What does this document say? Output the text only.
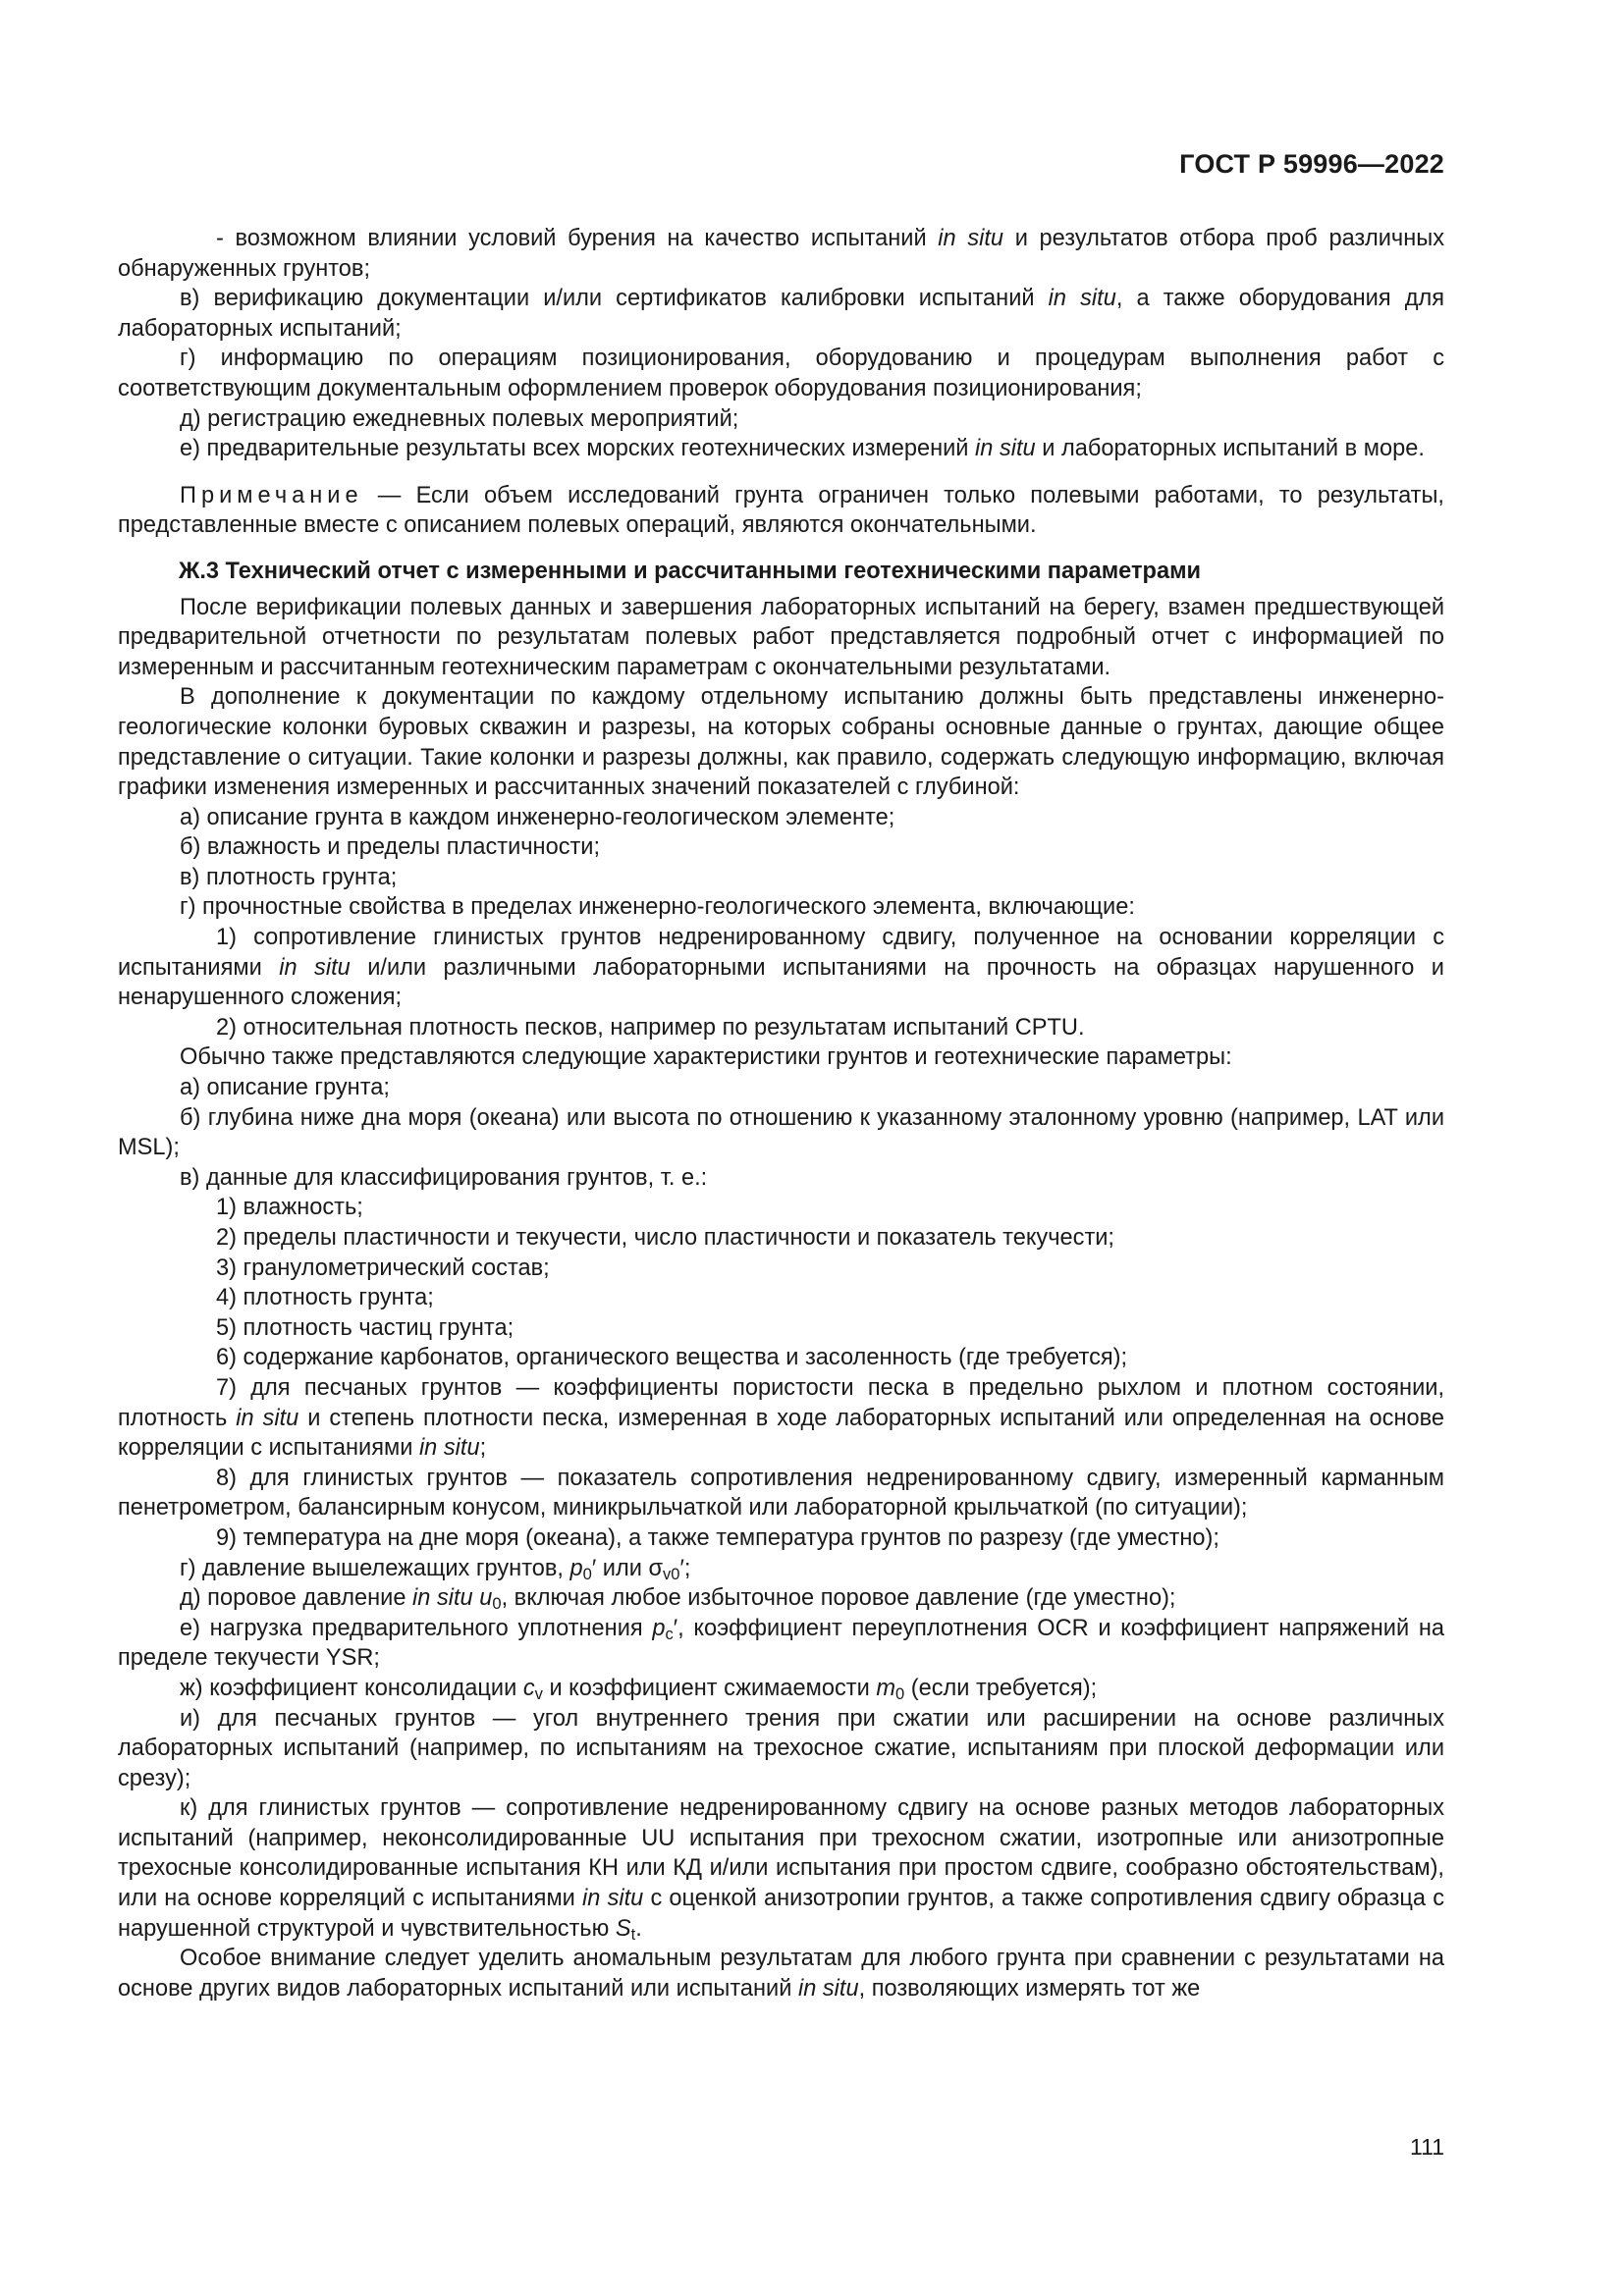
ГОСТ Р 59996—2022

- возможном влиянии условий бурения на качество испытаний in situ и результатов отбора проб различных обнаруженных грунтов;

в) верификацию документации и/или сертификатов калибровки испытаний in situ, а также оборудования для лабораторных испытаний;

г) информацию по операциям позиционирования, оборудованию и процедурам выполнения работ с соответствующим документальным оформлением проверок оборудования позиционирования;

д) регистрацию ежедневных полевых мероприятий;

е) предварительные результаты всех морских геотехнических измерений in situ и лабораторных испытаний в море.

Примечание — Если объем исследований грунта ограничен только полевыми работами, то результаты, представленные вместе с описанием полевых операций, являются окончательными.

Ж.3 Технический отчет с измеренными и рассчитанными геотехническими параметрами

После верификации полевых данных и завершения лабораторных испытаний на берегу, взамен предшествующей предварительной отчетности по результатам полевых работ представляется подробный отчет с информацией по измеренным и рассчитанным геотехническим параметрам с окончательными результатами.

В дополнение к документации по каждому отдельному испытанию должны быть представлены инженерно-геологические колонки буровых скважин и разрезы, на которых собраны основные данные о грунтах, дающие общее представление о ситуации. Такие колонки и разрезы должны, как правило, содержать следующую информацию, включая графики изменения измеренных и рассчитанных значений показателей с глубиной:

а) описание грунта в каждом инженерно-геологическом элементе;

б) влажность и пределы пластичности;

в) плотность грунта;

г) прочностные свойства в пределах инженерно-геологического элемента, включающие:

1) сопротивление глинистых грунтов недренированному сдвигу, полученное на основании корреляции с испытаниями in situ и/или различными лабораторными испытаниями на прочность на образцах нарушенного и ненарушенного сложения;

2) относительная плотность песков, например по результатам испытаний CPTU.

Обычно также представляются следующие характеристики грунтов и геотехнические параметры:

а) описание грунта;

б) глубина ниже дна моря (океана) или высота по отношению к указанному эталонному уровню (например, LAT или MSL);

в) данные для классифицирования грунтов, т. е.:

1) влажность;

2) пределы пластичности и текучести, число пластичности и показатель текучести;

3) гранулометрический состав;

4) плотность грунта;

5) плотность частиц грунта;

6) содержание карбонатов, органического вещества и засоленность (где требуется);

7) для песчаных грунтов — коэффициенты пористости песка в предельно рыхлом и плотном состоянии, плотность in situ и степень плотности песка, измеренная в ходе лабораторных испытаний или определенная на основе корреляции с испытаниями in situ;

8) для глинистых грунтов — показатель сопротивления недренированному сдвигу, измеренный карманным пенетрометром, балансирным конусом, миникрыльчаткой или лабораторной крыльчаткой (по ситуации);

9) температура на дне моря (океана), а также температура грунтов по разрезу (где уместно);

г) давление вышележащих грунтов, $p_0'$ или $\sigma_{v0}'$;

д) поровое давление in situ $u_0$, включая любое избыточное поровое давление (где уместно);

е) нагрузка предварительного уплотнения $p_c'$, коэффициент переуплотнения OCR и коэффициент напряжений на пределе текучести YSR;

ж) коэффициент консолидации $c_v$ и коэффициент сжимаемости $m_0$ (если требуется);

и) для песчаных грунтов — угол внутреннего трения при сжатии или расширении на основе различных лабораторных испытаний (например, по испытаниям на трехосное сжатие, испытаниям при плоской деформации или срезу);

к) для глинистых грунтов — сопротивление недренированному сдвигу на основе разных методов лабораторных испытаний (например, неконсолидированные UU испытания при трехосном сжатии, изотропные или анизотропные трехосные консолидированные испытания КН или КД и/или испытания при простом сдвиге, сообразно обстоятельствам), или на основе корреляций с испытаниями in situ с оценкой анизотропии грунтов, а также сопротивления сдвигу образца с нарушенной структурой и чувствительностью $S_t$.

Особое внимание следует уделить аномальным результатам для любого грунта при сравнении с результатами на основе других видов лабораторных испытаний или испытаний in situ, позволяющих измерять тот же

111
